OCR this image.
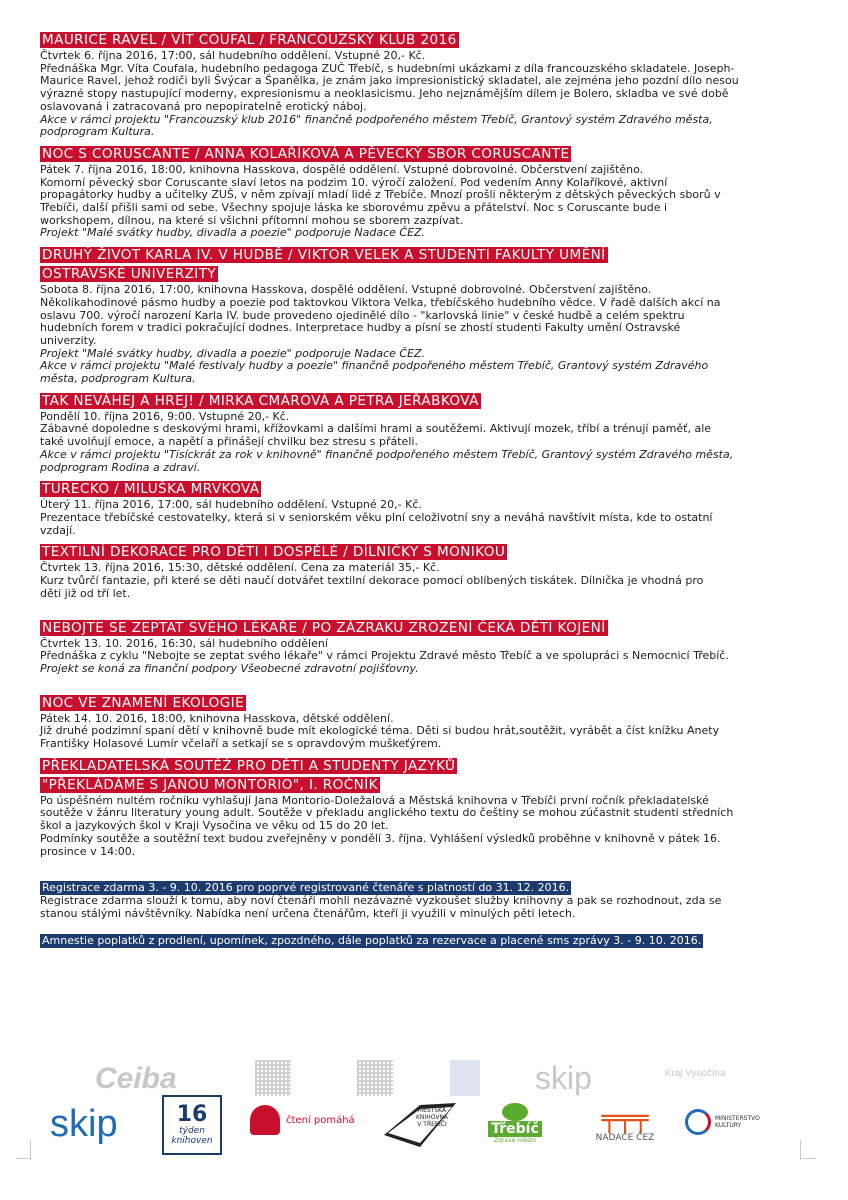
MAURICE RAVEL / VÍT COUFAL / FRANCOUZSKÝ KLUB 2016

Čtvrtek 6. října 2016, 17:00, sál hudebního oddělení. Vstupné 20,- Kč.

Přednáška Mgr. Víta Coufala, hudebního pedagoga ZUČ Třebíč, s hudebními ukázkami z díla francouzského skladatele. Joseph-

Maurice Ravel, jehož rodiči byli Švýcar a Španělka, je znám jako impresionistický skladatel, ale zejména jeho pozdní dílo nesou

výrazné stopy nastupující moderny, expresionismu a neoklasicismu. Jeho nejznámějším dílem je Bolero, skladba ve své době

oslavovaná i zatracovaná pro nepopiratelně erotický náboj.

Akce v rámci projektu "Francouzský klub 2016" finančně podpořeného městem Třebíč, Grantový systém Zdravého města,

podprogram Kultura.

NOC S CORUSCANTE / ANNA KOLAŘÍKOVÁ A PĚVECKÝ SBOR CORUSCANTE

Pátek 7. října 2016, 18:00, knihovna Hasskova, dospělé oddělení. Vstupné dobrovolné. Občerstvení zajištěno.

Komorní pěvecký sbor Coruscante slaví letos na podzim 10. výročí založení. Pod vedením Anny Kolaříkové, aktivní

propagátorky hudby a učitelky ZUŠ, v něm zpívají mladí lidé z Třebíče. Mnozí prošli některým z dětských pěveckých sborů v

Třebíči, další přišli sami od sebe. Všechny spojuje láska ke sborovému zpěvu a přátelství. Noc s Coruscante bude i

workshopem, dílnou, na které si všichni přítomní mohou se sborem zazpívat.

Projekt "Malé svátky hudby, divadla a poezie" podporuje Nadace ČEZ.

DRUHÝ ŽIVOT KARLA IV. V HUDBĚ / VIKTOR VELEK A STUDENTI FAKULTY UMĚNÍ
OSTRAVSKÉ UNIVERZITY

Sobota 8. října 2016, 17:00, knihovna Hasskova, dospělé oddělení. Vstupné dobrovolné. Občerstvení zajištěno.

Několikahodinové pásmo hudby a poezie pod taktovkou Viktora Velka, třebíčského hudebního vědce. V řadě dalších akcí na

oslavu 700. výročí narození Karla IV. bude provedeno ojedinělé dílo - "karlovská linie" v české hudbě a celém spektru

hudebních forem v tradici pokračující dodnes. Interpretace hudby a písní se zhostí studenti Fakulty umění Ostravské

univerzity.

Projekt "Malé svátky hudby, divadla a poezie" podporuje Nadace ČEZ.

Akce v rámci projektu "Malé festivaly hudby a poezie" finančně podpořeného městem Třebíč, Grantový systém Zdravého

města, podprogram Kultura.

TAK NEVÁHEJ A HREJ! / MIRKA CMÁROVÁ A PETRA JEŘÁBKOVÁ

Pondělí 10. října 2016, 9:00. Vstupné 20,- Kč.

Zábavné dopoledne s deskovými hrami, křížovkami a dalšími hrami a soutěžemi. Aktivují mozek, tříbí a trénují paměť, ale

také uvolňují emoce, a napětí a přinášejí chvilku bez stresu s přáteli.

Akce v rámci projektu "Tisíckrát za rok v knihovně" finančně podpořeného městem Třebíč, Grantový systém Zdravého města,

podprogram Rodina a zdraví.

TURECKO / MILUŠKA MRVKOVÁ

Úterý 11. října 2016, 17:00, sál hudebního oddělení. Vstupné 20,- Kč.

Prezentace třebíčské cestovatelky, která si v seniorském věku plní celoživotní sny a neváhá navštívit místa, kde to ostatní

vzdají.

TEXTILNÍ DEKORACE PRO DĚTI I DOSPĚLÉ / DÍLNIČKY S MONIKOU

Čtvrtek 13. října 2016, 15:30, dětské oddělení. Cena za materiál 35,- Kč.

Kurz tvůrčí fantazie, při které se děti naučí dotvářet textilní dekorace pomocí oblíbených tiskátek. Dílnička je vhodná pro

děti již od tří let.

NEBOJTE SE ZEPTAT SVÉHO LÉKAŘE / PO ZÁZRAKU ZROZENÍ ČEKÁ DĚTI KOJENÍ

Čtvrtek 13. 10. 2016, 16:30, sál hudebního oddělení

Přednáška z cyklu "Nebojte se zeptat svého lékaře" v rámci Projektu Zdravé město Třebíč a ve spolupráci s Nemocnicí Třebíč.

Projekt se koná za finanční podpory Všeobecné zdravotní pojišťovny.

NOC VE ZNAMENÍ EKOLOGIE

Pátek 14. 10. 2016, 18:00, knihovna Hasskova, dětské oddělení.

Již druhé podzimní spaní dětí v knihovně bude mít ekologické téma. Děti si budou hrát,soutěžit, vyrábět a číst knížku Anety

Františky Holasové Lumír včelaří a setkají se s opravdovým muškeťýrem.

PŘEKLADATELSKÁ SOUTĚŽ PRO DĚTI A STUDENTY JAZYKŮ
"PŘEKLÁDÁME S JANOU MONTORIO", I. ROČNÍK

Po úspěšném nultém ročníku vyhlašují Jana Montorio-Doležalová a Městská knihovna v Třebíči první ročník překladatelské

soutěže v žánru literatury young adult. Soutěže v překladu anglického textu do češtiny se mohou zúčastnit studenti středních

škol a jazykových škol v Kraji Vysočina ve věku od 15 do 20 let.

Podmínky soutěže a soutěžní text budou zveřejněny v pondělí 3. října. Vyhlášení výsledků proběhne v knihovně v pátek 16.

prosince v 14:00.

Registrace zdarma 3. - 9. 10. 2016 pro poprvé registrované čtenáře s platností do 31. 12. 2016.

Registrace zdarma slouží k tomu, aby noví čtenáři mohli nezávazně vyzkoušet služby knihovny a pak se rozhodnout, zda se

stanou stálými návštěvníky. Nabídka není určena čtenářům, kteří ji využili v minulých pěti letech.

Amnestie poplatků z prodlení, upomínek, zpozdného, dále poplatků za rezervace a placené sms zprávy 3. - 9. 10. 2016.
Ceiba	skip	Kraj Vysočina
skip	16
týden
knihoven
čtení pomáhá
MĚSTSKÁ
KNIHOVNA
V TŘEBÍČI	Třebíč
Zdravé město
╤╤╤
NADACE ČEZ
MINISTERSTVO
KULTURY
